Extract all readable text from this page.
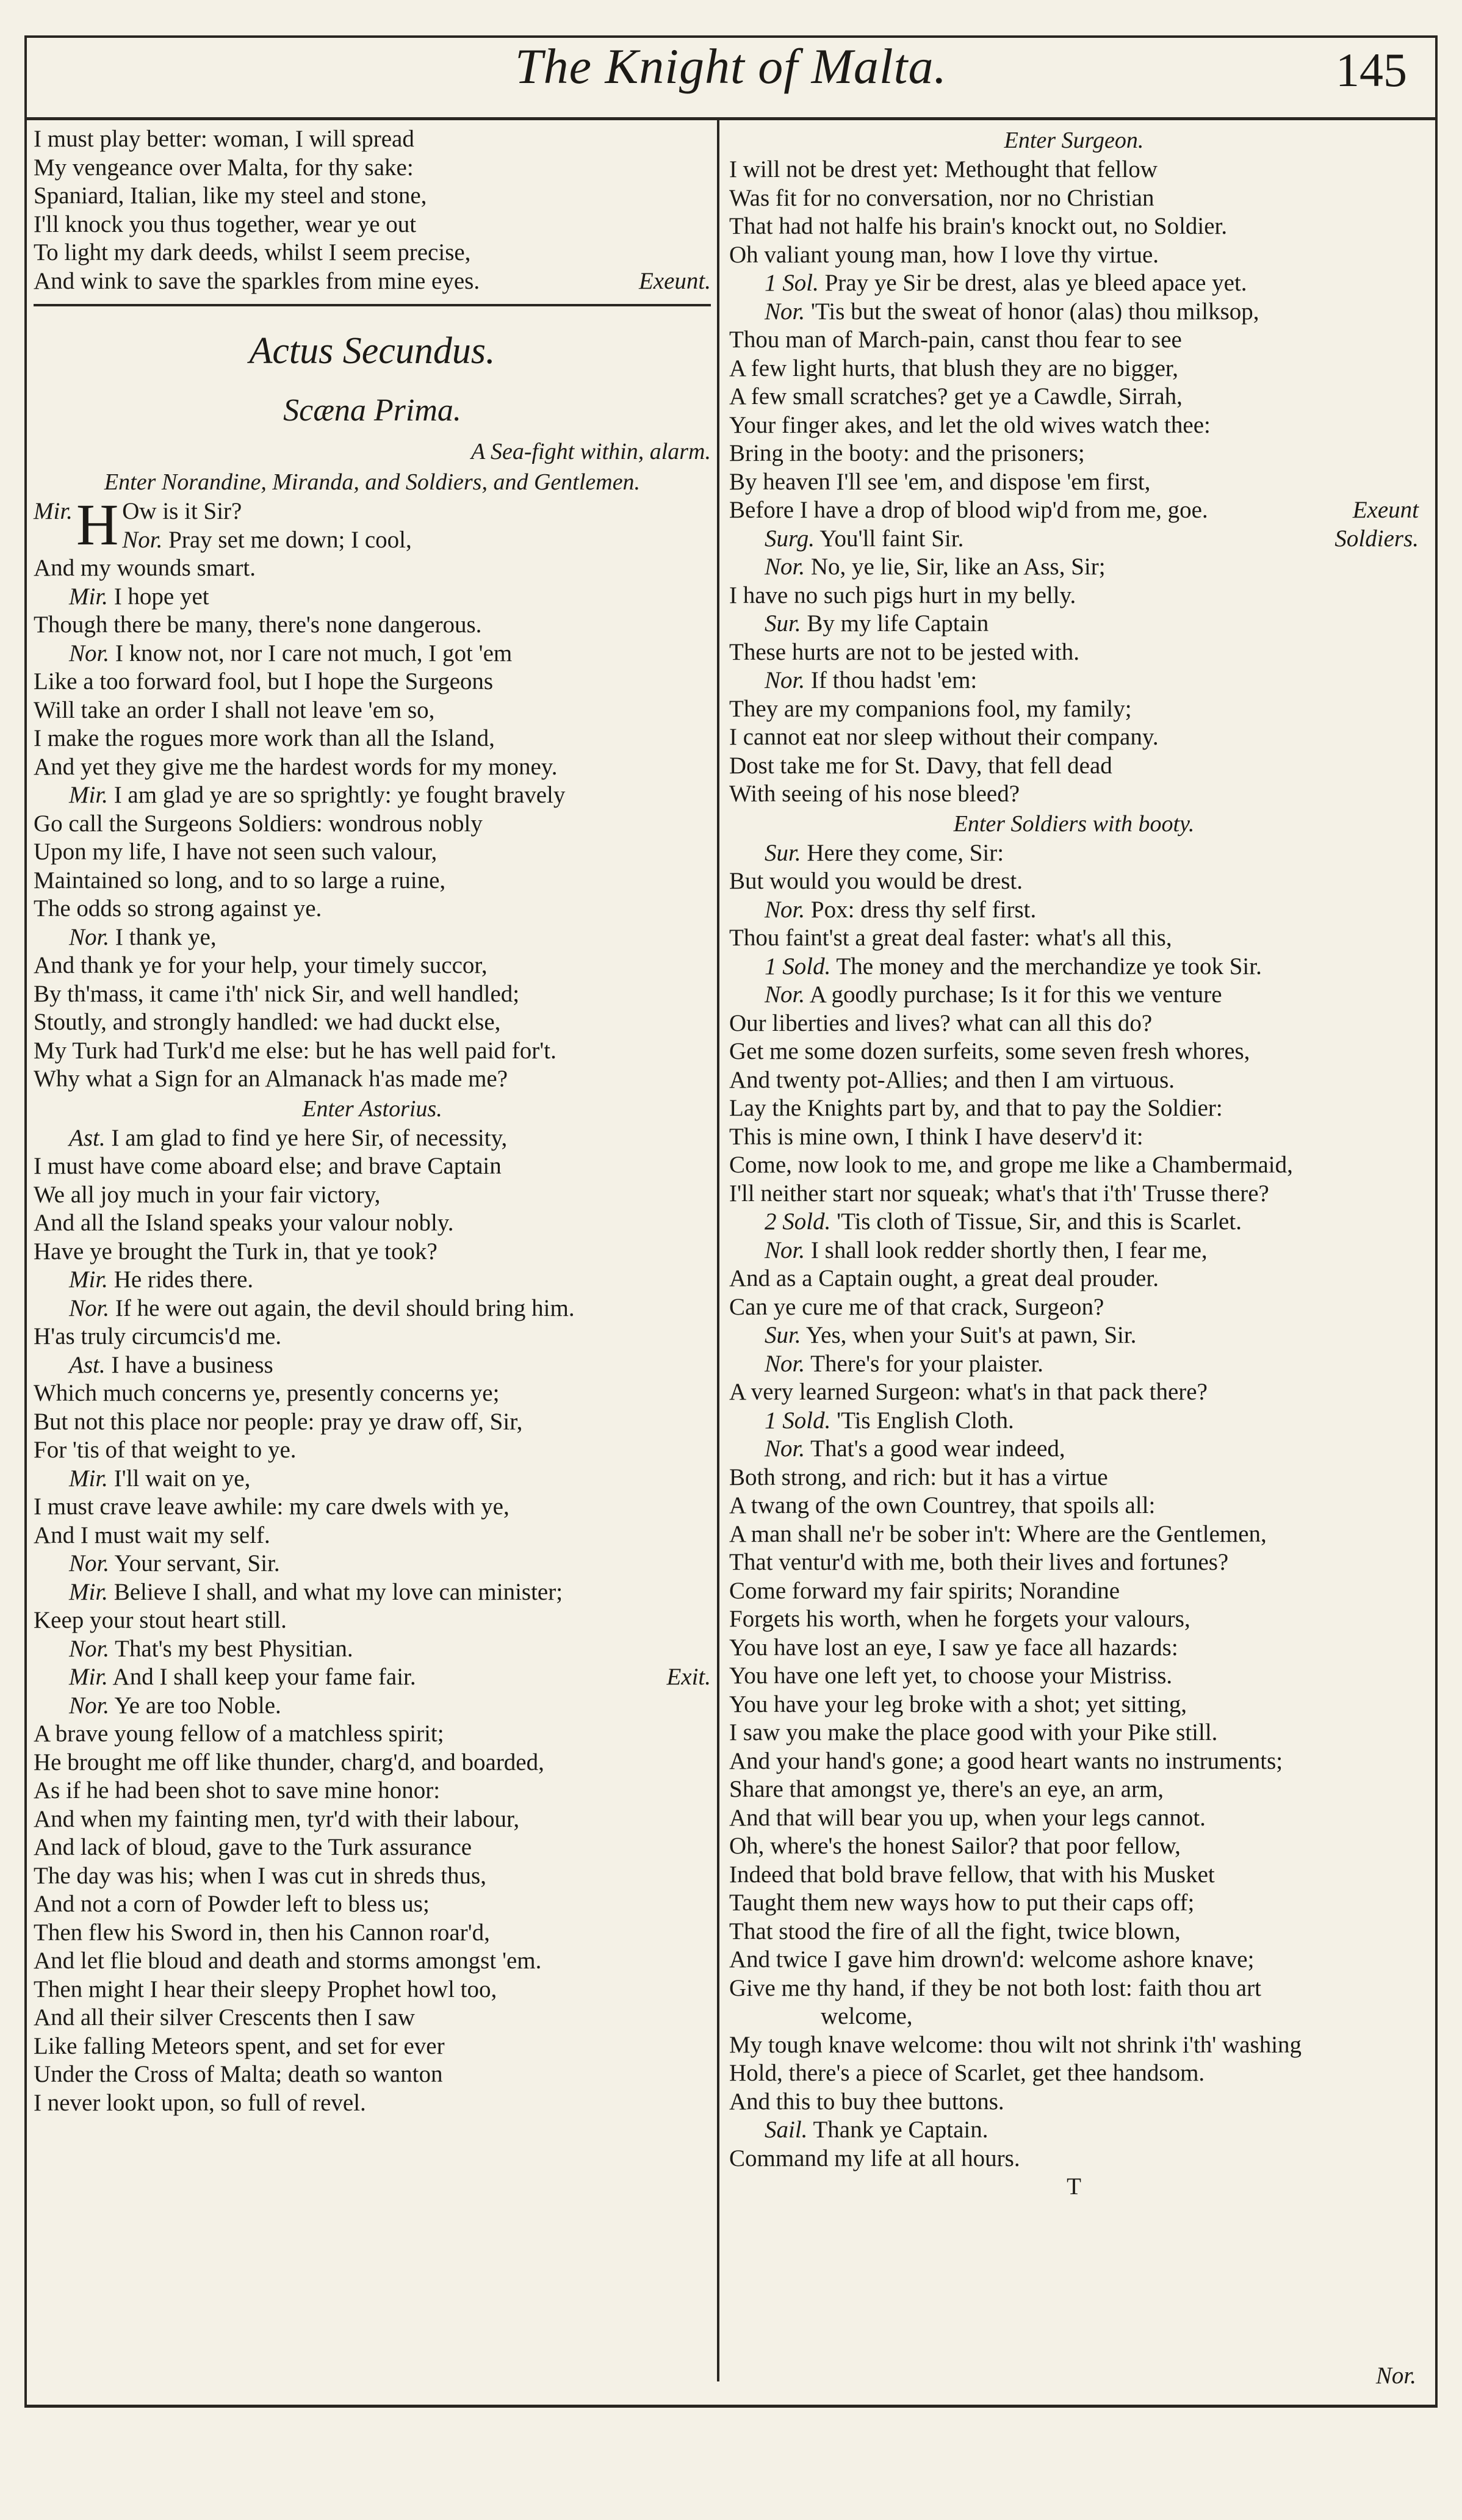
The Knight of Malta.	145
I must play better: woman, I will spread
My vengeance over Malta, for thy sake:
Spaniard, Italian, like my steel and stone,
I'll knock you thus together, wear ye out
To light my dark deeds, whilst I seem precise,
And wink to save the sparkles from mine eyes.	Exeunt.
Actus Secundus.
Scæna Prima.
A Sea-fight within, alarm.
Enter Norandine, Miranda, and Soldiers, and Gentlemen.
Mir. H Ow is it Sir?
Nor. Pray set me down; I cool,
And my wounds smart.
Mir. I hope yet
Though there be many, there's none dangerous.
Nor. I know not, nor I care not much, I got 'em
Like a too forward fool, but I hope the Surgeons
Will take an order I shall not leave 'em so,
I make the rogues more work than all the Island,
And yet they give me the hardest words for my money.
Mir. I am glad ye are so sprightly: ye fought bravely
Go call the Surgeons Soldiers: wondrous nobly
Upon my life, I have not seen such valour,
Maintained so long, and to so large a ruine,
The odds so strong against ye.
Nor. I thank ye,
And thank ye for your help, your timely succor,
By th'mass, it came i'th' nick Sir, and well handled;
Stoutly, and strongly handled: we had duckt else,
My Turk had Turk'd me else: but he has well paid for't.
Why what a Sign for an Almanack h'as made me?
Enter Astorius.
Ast. I am glad to find ye here Sir, of necessity,
I must have come aboard else; and brave Captain
We all joy much in your fair victory,
And all the Island speaks your valour nobly.
Have ye brought the Turk in, that ye took?
Mir. He rides there.
Nor. If he were out again, the devil should bring him.
H'as truly circumcis'd me.
Ast. I have a business
Which much concerns ye, presently concerns ye;
But not this place nor people: pray ye draw off, Sir,
For 'tis of that weight to ye.
Mir. I'll wait on ye,
I must crave leave awhile: my care dwels with ye,
And I must wait my self.
Nor. Your servant, Sir.
Mir. Believe I shall, and what my love can minister;
Keep your stout heart still.
Nor. That's my best Physitian.
Mir. And I shall keep your fame fair.	Exit.
Nor. Ye are too Noble.
A brave young fellow of a matchless spirit;
He brought me off like thunder, charg'd, and boarded,
As if he had been shot to save mine honor:
And when my fainting men, tyr'd with their labour,
And lack of bloud, gave to the Turk assurance
The day was his; when I was cut in shreds thus,
And not a corn of Powder left to bless us;
Then flew his Sword in, then his Cannon roar'd,
And let flie bloud and death and storms amongst 'em.
Then might I hear their sleepy Prophet howl too,
And all their silver Crescents then I saw
Like falling Meteors spent, and set for ever
Under the Cross of Malta; death so wanton
I never lookt upon, so full of revel.
Enter Surgeon.
I will not be drest yet: Methought that fellow
Was fit for no conversation, nor no Christian
That had not halfe his brain's knockt out, no Soldier.
Oh valiant young man, how I love thy virtue.
1 Sol. Pray ye Sir be drest, alas ye bleed apace yet.
Nor. 'Tis but the sweat of honor (alas) thou milksop,
Thou man of March-pain, canst thou fear to see
A few light hurts, that blush they are no bigger,
A few small scratches? get ye a Cawdle, Sirrah,
Your finger akes, and let the old wives watch thee:
Bring in the booty: and the prisoners;
By heaven I'll see 'em, and dispose 'em first,
Before I have a drop of blood wip'd from me, goe.	Exeunt
Surg. You'll faint Sir.	Soldiers.
Nor. No, ye lie, Sir, like an Ass, Sir;
I have no such pigs hurt in my belly.
Sur. By my life Captain
These hurts are not to be jested with.
Nor. If thou hadst 'em:
They are my companions fool, my family;
I cannot eat nor sleep without their company.
Dost take me for St. Davy, that fell dead
With seeing of his nose bleed?
Enter Soldiers with booty.
Sur. Here they come, Sir:
But would you would be drest.
Nor. Pox: dress thy self first.
Thou faint'st a great deal faster: what's all this,
1 Sold. The money and the merchandize ye took Sir.
Nor. A goodly purchase; Is it for this we venture
Our liberties and lives? what can all this do?
Get me some dozen surfeits, some seven fresh whores,
And twenty pot-Allies; and then I am virtuous.
Lay the Knights part by, and that to pay the Soldier:
This is mine own, I think I have deserv'd it:
Come, now look to me, and grope me like a Chambermaid,
I'll neither start nor squeak; what's that i'th' Trusse there?
2 Sold. 'Tis cloth of Tissue, Sir, and this is Scarlet.
Nor. I shall look redder shortly then, I fear me,
And as a Captain ought, a great deal prouder.
Can ye cure me of that crack, Surgeon?
Sur. Yes, when your Suit's at pawn, Sir.
Nor. There's for your plaister.
A very learned Surgeon: what's in that pack there?
1 Sold. 'Tis English Cloth.
Nor. That's a good wear indeed,
Both strong, and rich: but it has a virtue
A twang of the own Countrey, that spoils all:
A man shall ne'r be sober in't: Where are the Gentlemen,
That ventur'd with me, both their lives and fortunes?
Come forward my fair spirits; Norandine
Forgets his worth, when he forgets your valours,
You have lost an eye, I saw ye face all hazards:
You have one left yet, to choose your Mistriss.
You have your leg broke with a shot; yet sitting,
I saw you make the place good with your Pike still.
And your hand's gone; a good heart wants no instruments;
Share that amongst ye, there's an eye, an arm,
And that will bear you up, when your legs cannot.
Oh, where's the honest Sailor? that poor fellow,
Indeed that bold brave fellow, that with his Musket
Taught them new ways how to put their caps off;
That stood the fire of all the fight, twice blown,
And twice I gave him drown'd: welcome ashore knave;
Give me thy hand, if they be not both lost: faith thou art
welcome,
My tough knave welcome: thou wilt not shrink i'th' washing
Hold, there's a piece of Scarlet, get thee handsom.
And this to buy thee buttons.
Sail. Thank ye Captain.
Command my life at all hours.
T
Nor.
